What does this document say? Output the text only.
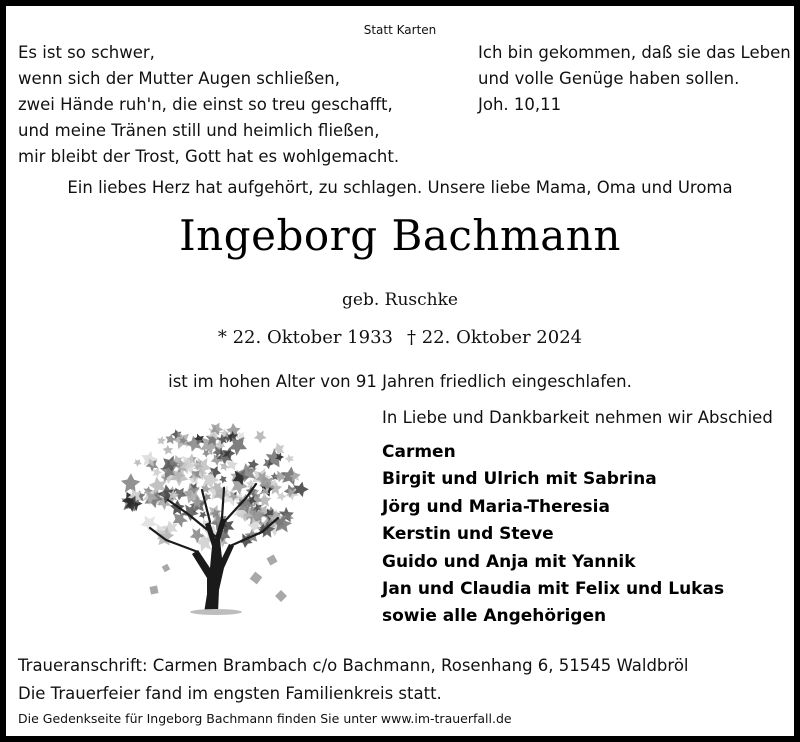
Statt Karten

Es ist so schwer,
wenn sich der Mutter Augen schließen,
zwei Hände ruh'n, die einst so treu geschafft,
und meine Tränen still und heimlich fließen,
mir bleibt der Trost, Gott hat es wohlgemacht.
Ich bin gekommen, daß sie das Leben
und volle Genüge haben sollen.
Joh. 10,11

Ein liebes Herz hat aufgehört, zu schlagen. Unsere liebe Mama, Oma und Uroma

Ingeborg Bachmann

geb. Ruschke

* 22. Oktober 1933 † 22. Oktober 2024

ist im hohen Alter von 91 Jahren friedlich eingeschlafen.

In Liebe und Dankbarkeit nehmen wir Abschied

Carmen
Birgit und Ulrich mit Sabrina
Jörg und Maria-Theresia
Kerstin und Steve
Guido und Anja mit Yannik
Jan und Claudia mit Felix und Lukas
sowie alle Angehörigen

Traueranschrift: Carmen Brambach c/o Bachmann, Rosenhang 6, 51545 Waldbröl

Die Trauerfeier fand im engsten Familienkreis statt.

Die Gedenkseite für Ingeborg Bachmann finden Sie unter www.im-trauerfall.de
